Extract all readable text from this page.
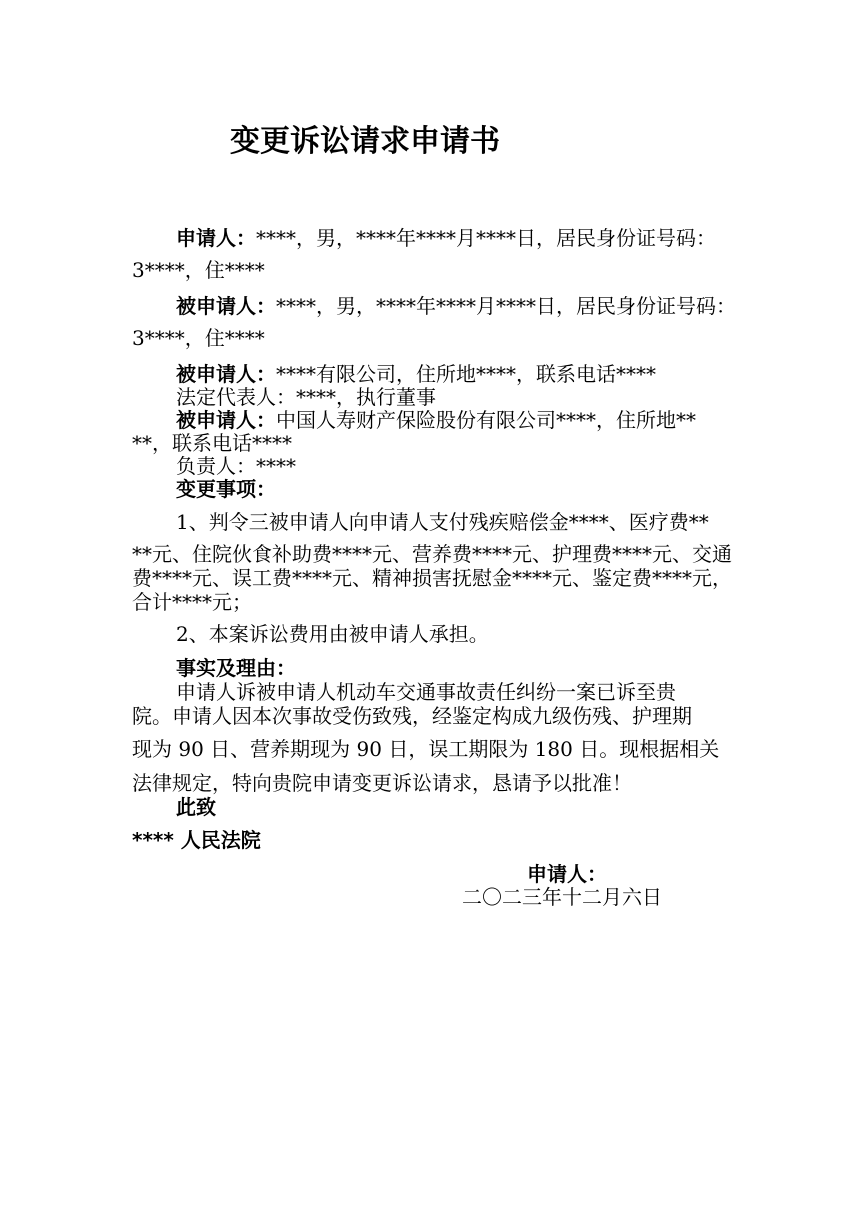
变更诉讼请求申请书
申请人：****，男，****年****月****日，居民身份证号码：
3****，住****
被申请人：****，男，****年****月****日，居民身份证号码：
3****，住****
被申请人：****有限公司，住所地****，联系电话****
法定代表人：****，执行董事
被申请人：中国人寿财产保险股份有限公司****，住所地**
**，联系电话****
负责人：****
变更事项：
1、判令三被申请人向申请人支付残疾赔偿金****、医疗费**
**元、住院伙食补助费****元、营养费****元、护理费****元、交通
费****元、误工费****元、精神损害抚慰金****元、鉴定费****元，
合计****元；
2、本案诉讼费用由被申请人承担。
事实及理由：
申请人诉被申请人机动车交通事故责任纠纷一案已诉至贵
院。申请人因本次事故受伤致残，经鉴定构成九级伤残、护理期
现为 90 日、营养期现为 90 日，误工期限为 180 日。现根据相关
法律规定，特向贵院申请变更诉讼请求，恳请予以批准！
此致
**** 人民法院
申请人：
二〇二三年十二月六日
